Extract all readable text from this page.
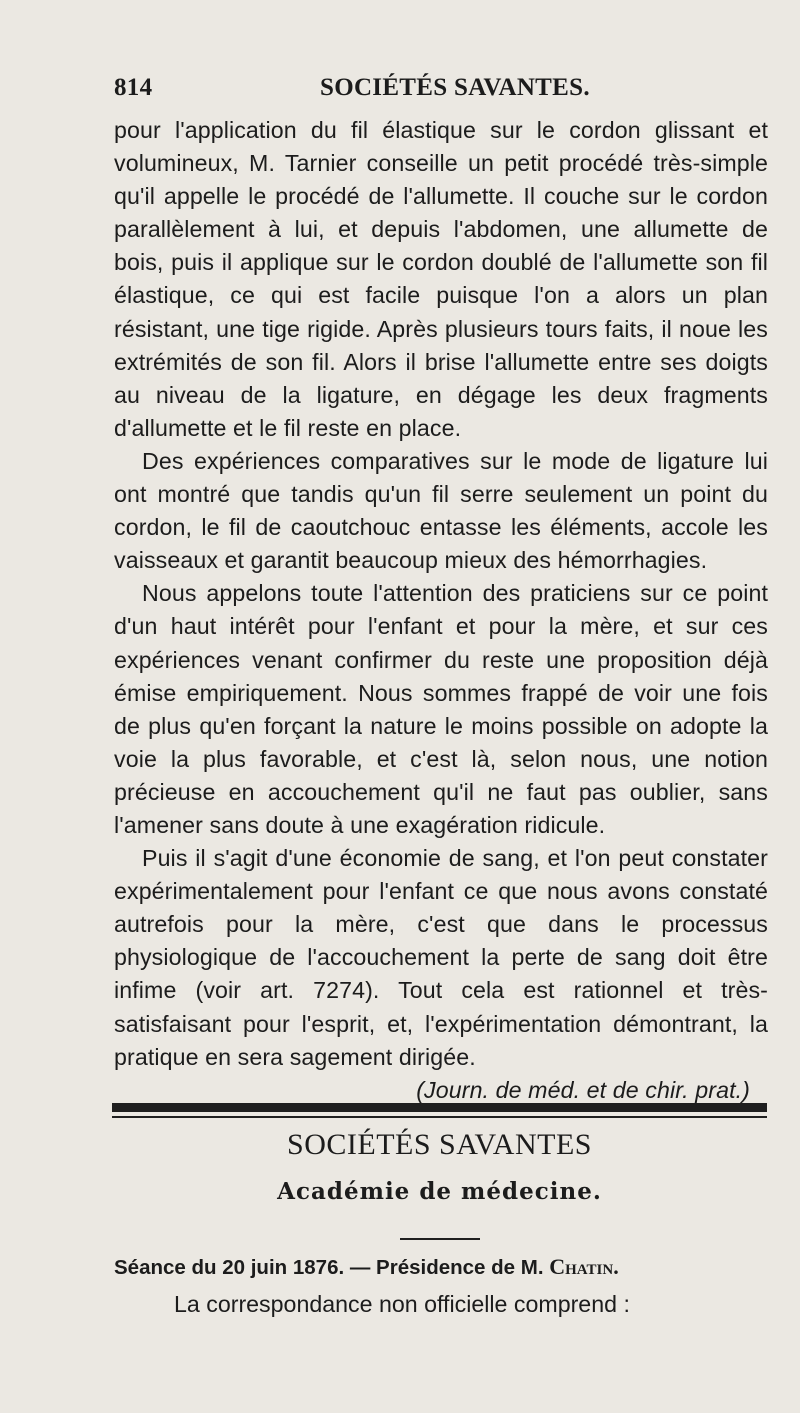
814	SOCIÉTÉS SAVANTES.

pour l'application du fil élastique sur le cordon glissant et volumineux, M. Tarnier conseille un petit procédé très-simple qu'il appelle le procédé de l'allumette. Il couche sur le cordon parallèlement à lui, et depuis l'abdomen, une allumette de bois, puis il applique sur le cordon doublé de l'allumette son fil élastique, ce qui est facile puisque l'on a alors un plan résistant, une tige rigide. Après plusieurs tours faits, il noue les extrémités de son fil. Alors il brise l'allumette entre ses doigts au niveau de la ligature, en dégage les deux fragments d'allumette et le fil reste en place.

Des expériences comparatives sur le mode de ligature lui ont montré que tandis qu'un fil serre seulement un point du cordon, le fil de caoutchouc entasse les éléments, accole les vaisseaux et garantit beaucoup mieux des hémorrhagies.

Nous appelons toute l'attention des praticiens sur ce point d'un haut intérêt pour l'enfant et pour la mère, et sur ces expériences venant confirmer du reste une proposition déjà émise empiriquement. Nous sommes frappé de voir une fois de plus qu'en forçant la nature le moins possible on adopte la voie la plus favorable, et c'est là, selon nous, une notion précieuse en accouchement qu'il ne faut pas oublier, sans l'amener sans doute à une exagération ridicule.

Puis il s'agit d'une économie de sang, et l'on peut constater expérimentalement pour l'enfant ce que nous avons constaté autrefois pour la mère, c'est que dans le processus physiologique de l'accouchement la perte de sang doit être infime (voir art. 7274). Tout cela est rationnel et très-satisfaisant pour l'esprit, et, l'expérimentation démontrant, la pratique en sera sagement dirigée.

(Journ. de méd. et de chir. prat.)
SOCIÉTÉS SAVANTES
Académie de médecine.
Séance du 20 juin 1876. — Présidence de M. Chatin.
La correspondance non officielle comprend :
